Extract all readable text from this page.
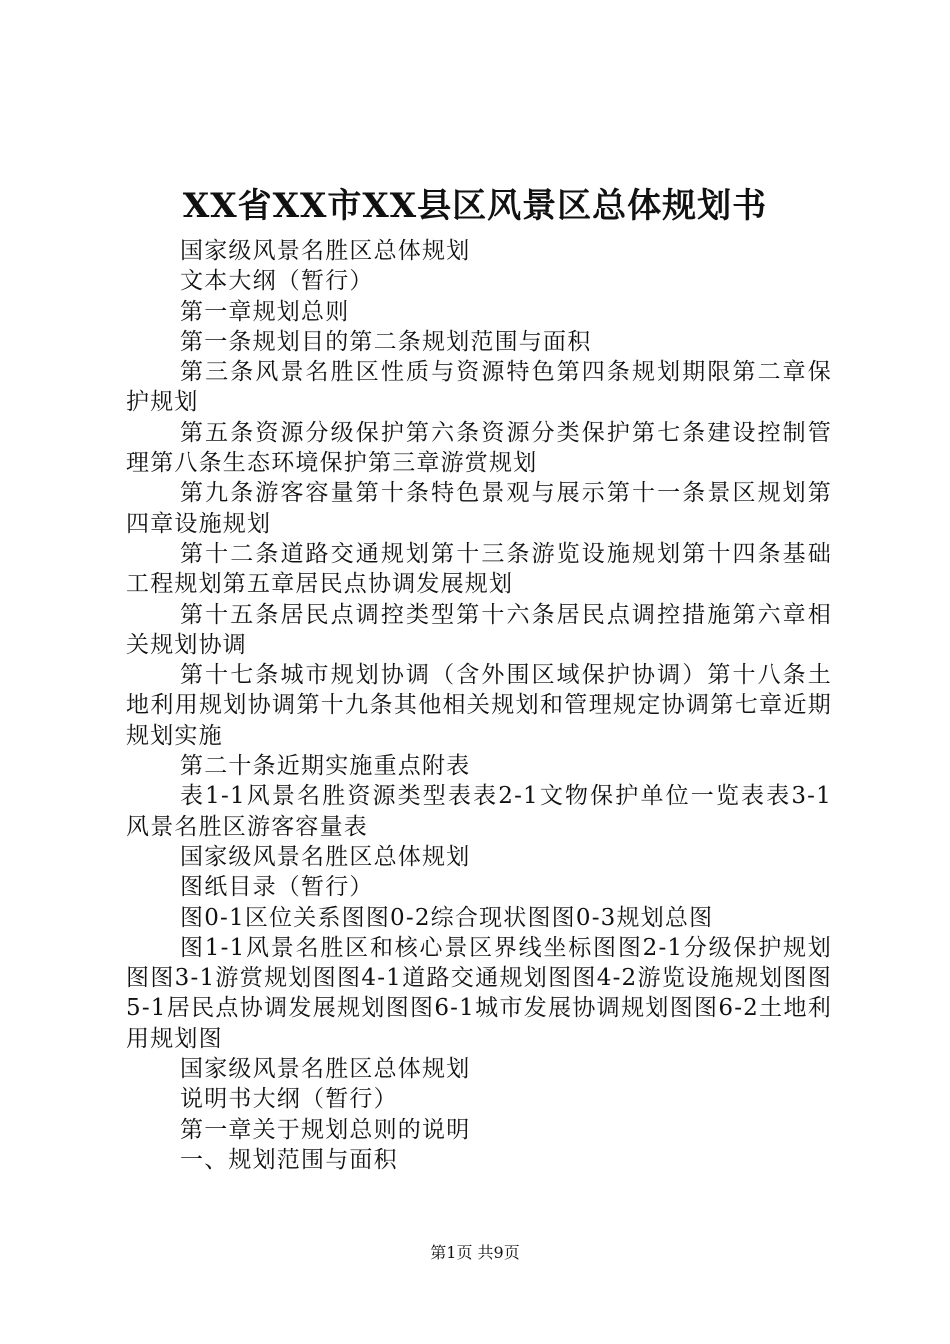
XX省XX市XX县区风景区总体规划书

国家级风景名胜区总体规划

文本大纲（暂行）

第一章规划总则

第一条规划目的第二条规划范围与面积

第三条风景名胜区性质与资源特色第四条规划期限第二章保护规划

第五条资源分级保护第六条资源分类保护第七条建设控制管理第八条生态环境保护第三章游赏规划

第九条游客容量第十条特色景观与展示第十一条景区规划第四章设施规划

第十二条道路交通规划第十三条游览设施规划第十四条基础工程规划第五章居民点协调发展规划

第十五条居民点调控类型第十六条居民点调控措施第六章相关规划协调

第十七条城市规划协调（含外围区域保护协调）第十八条土地利用规划协调第十九条其他相关规划和管理规定协调第七章近期规划实施

第二十条近期实施重点附表

表1-1风景名胜资源类型表表2-1文物保护单位一览表表3-1风景名胜区游客容量表

国家级风景名胜区总体规划

图纸目录（暂行）

图0-1区位关系图图0-2综合现状图图0-3规划总图

图1-1风景名胜区和核心景区界线坐标图图2-1分级保护规划图图3-1游赏规划图图4-1道路交通规划图图4-2游览设施规划图图5-1居民点协调发展规划图图6-1城市发展协调规划图图6-2土地利用规划图

国家级风景名胜区总体规划

说明书大纲（暂行）

第一章关于规划总则的说明

一、规划范围与面积

第1页 共9页
